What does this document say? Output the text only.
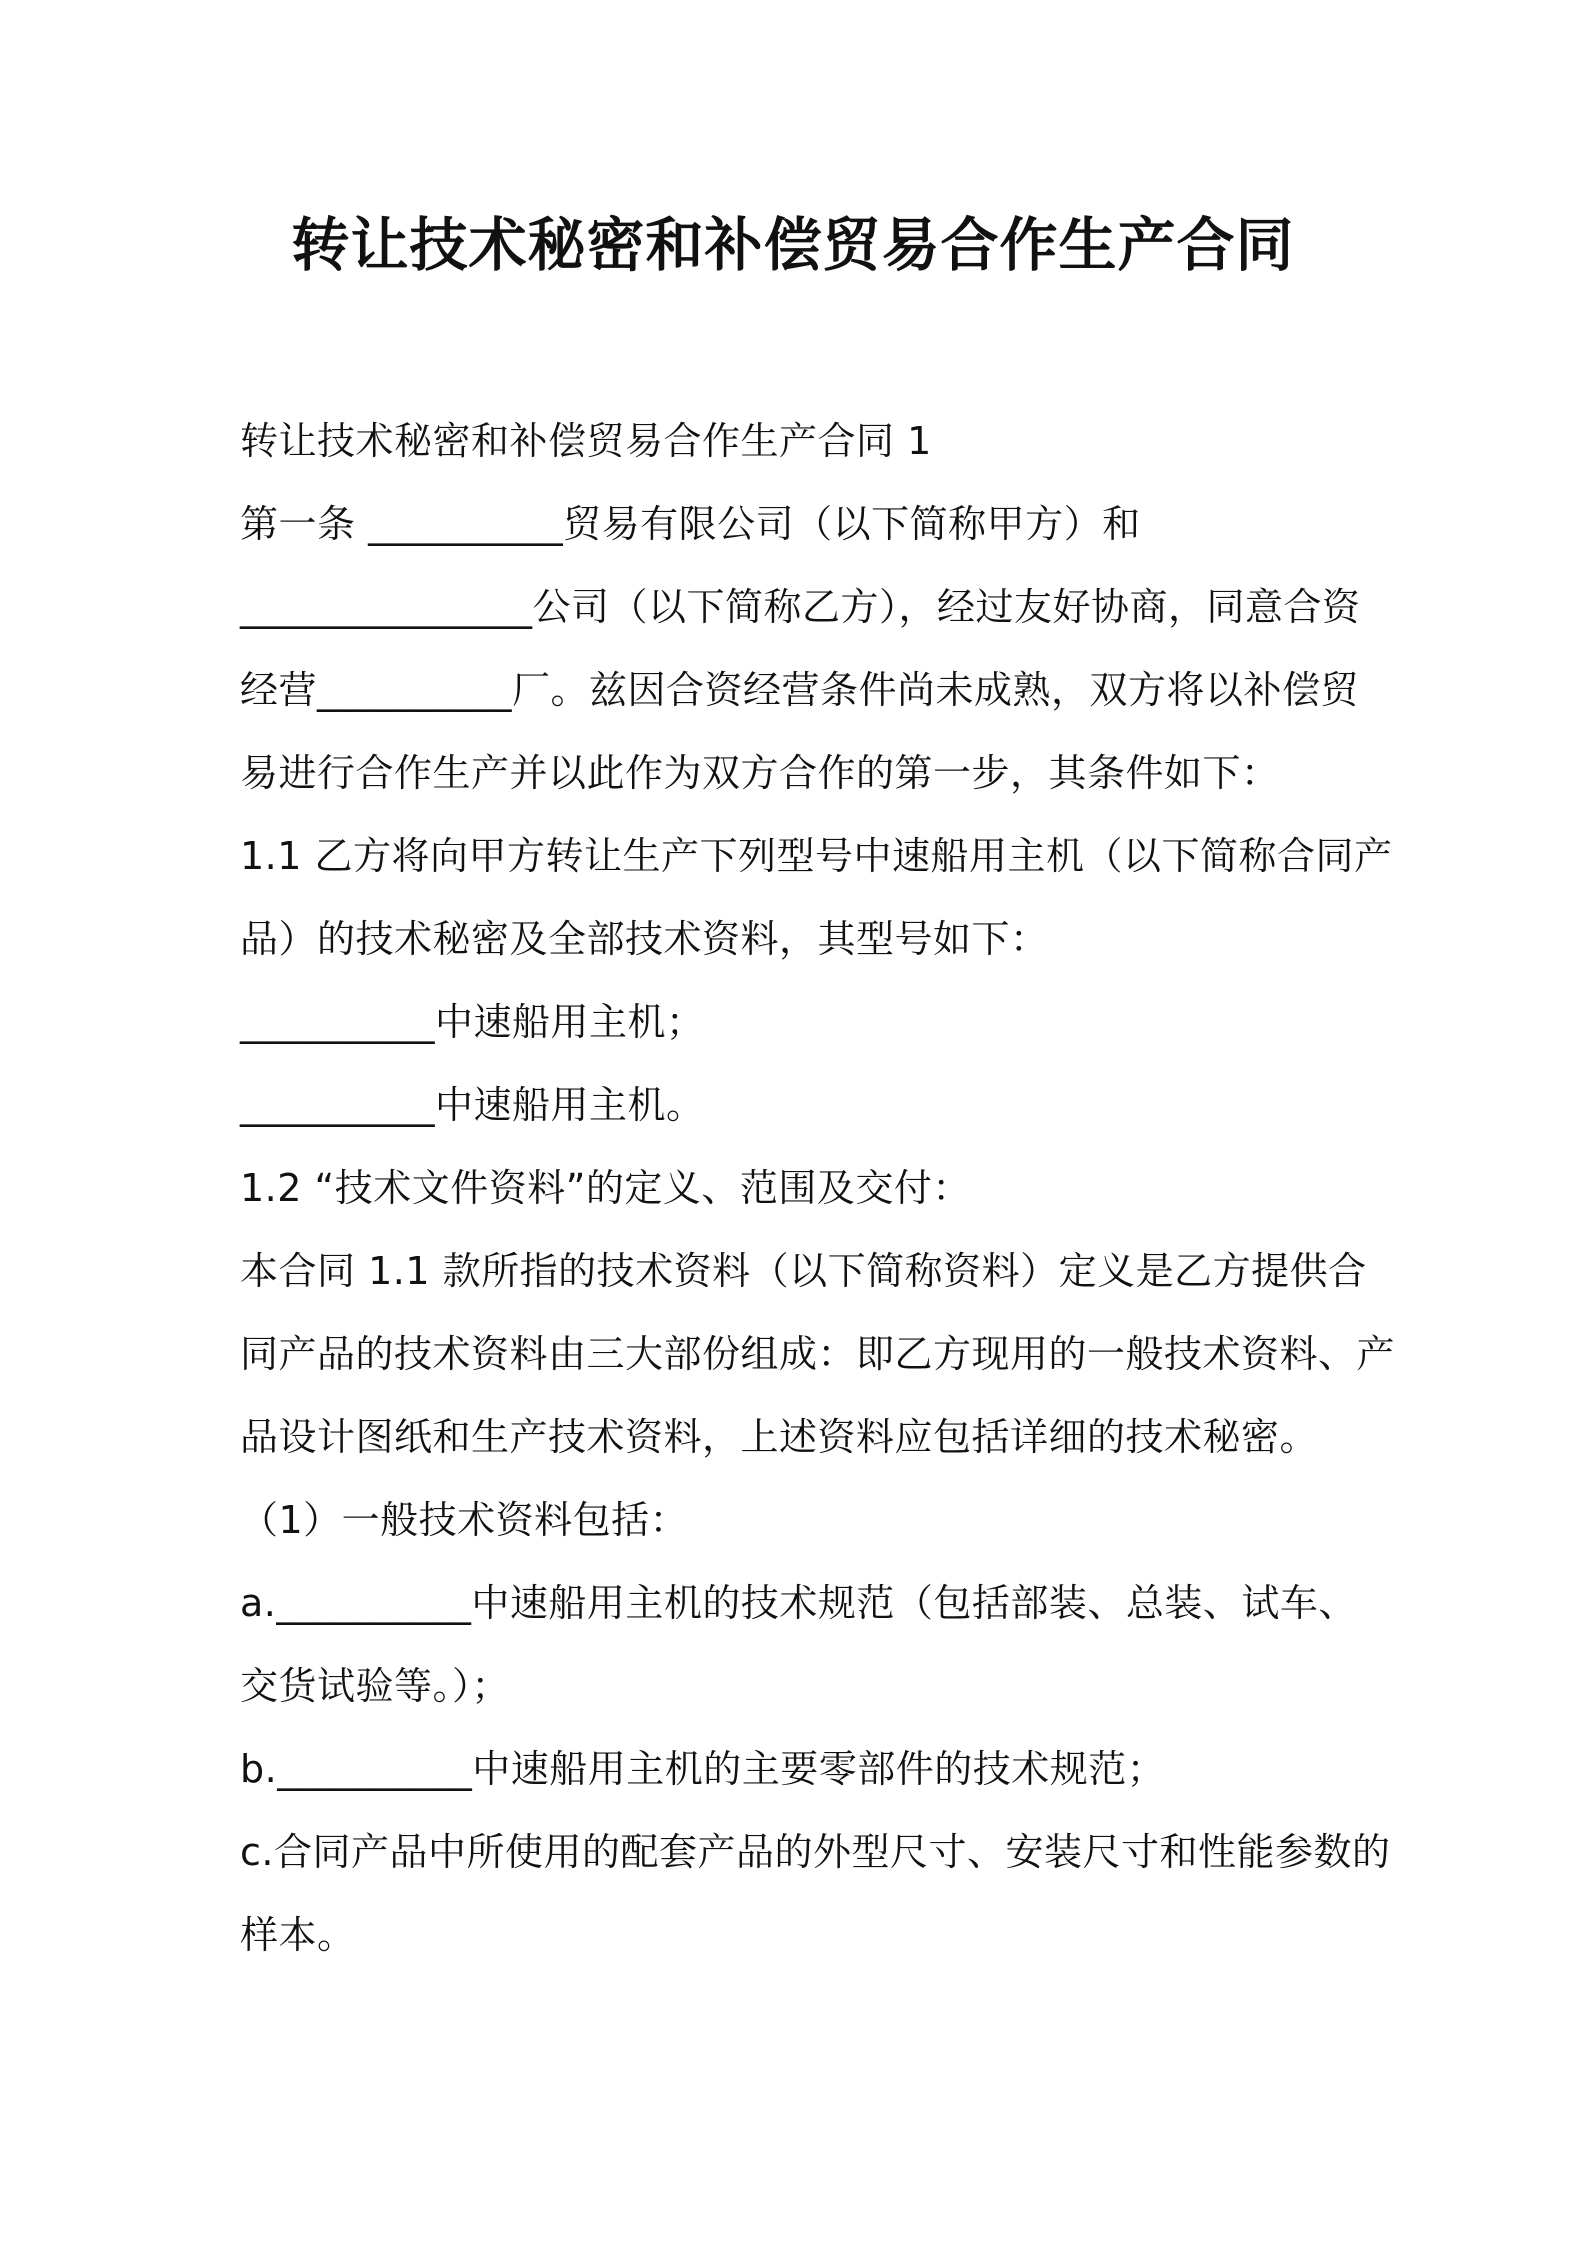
转让技术秘密和补偿贸易合作生产合同
转让技术秘密和补偿贸易合作生产合同 1
第一条 __________贸易有限公司（以下简称甲方）和
_______________公司（以下简称乙方），经过友好协商，同意合资
经营__________厂。兹因合资经营条件尚未成熟，双方将以补偿贸
易进行合作生产并以此作为双方合作的第一步，其条件如下：
1.1 乙方将向甲方转让生产下列型号中速船用主机（以下简称合同产
品）的技术秘密及全部技术资料，其型号如下：
__________中速船用主机；
__________中速船用主机。
1.2 “技术文件资料”的定义、范围及交付：
本合同 1.1 款所指的技术资料（以下简称资料）定义是乙方提供合
同产品的技术资料由三大部份组成：即乙方现用的一般技术资料、产
品设计图纸和生产技术资料，上述资料应包括详细的技术秘密。
（1）一般技术资料包括：
a.__________中速船用主机的技术规范（包括部装、总装、试车、
交货试验等。）；
b.__________中速船用主机的主要零部件的技术规范；
c.合同产品中所使用的配套产品的外型尺寸、安装尺寸和性能参数的
样本。
